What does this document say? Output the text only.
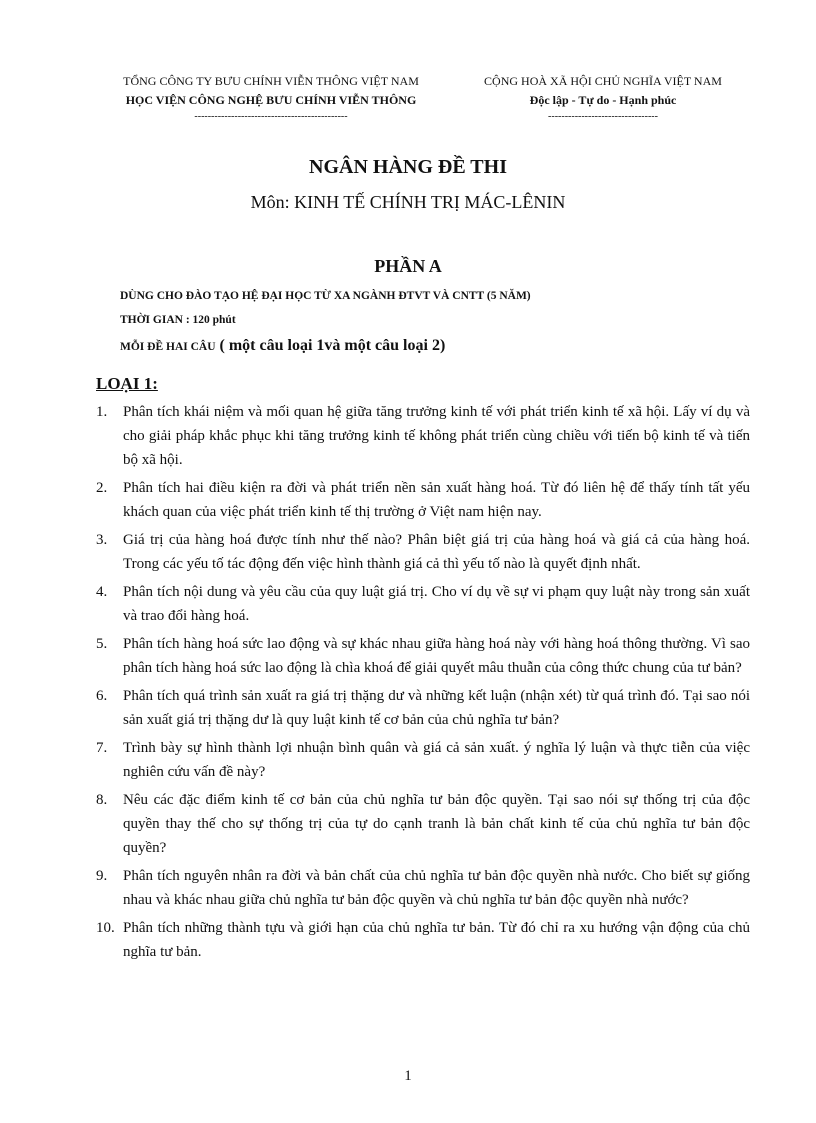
TỔNG CÔNG TY BƯU CHÍNH VIỄN THÔNG VIỆT NAM
HỌC VIỆN CÔNG NGHỆ BƯU CHÍNH VIỄN THÔNG
----------------------------------------------
CỘNG HOÀ XÃ HỘI CHỦ NGHĨA VIỆT NAM
Độc lập - Tự do - Hạnh phúc
---------------------------------
NGÂN HÀNG ĐỀ THI
Môn: KINH TẾ CHÍNH TRỊ MÁC-LÊNIN
PHẦN A
DÙNG CHO ĐÀO TẠO HỆ ĐẠI HỌC TỪ XA NGÀNH ĐTVT VÀ CNTT (5 NĂM)
THỜI GIAN : 120 phút
MỖI ĐỀ HAI CÂU ( một câu loại 1và một câu loại 2)
LOẠI 1:
1.	Phân tích khái niệm và mối quan hệ giữa tăng trưởng kinh tế với phát triển kinh tế xã hội. Lấy ví dụ và cho giải pháp khắc phục khi tăng trưởng kinh tế không phát triển cùng chiều với tiến bộ kinh tế và tiến bộ xã hội.
2.	Phân tích hai điều kiện ra đời và phát triển nền sản xuất hàng hoá. Từ đó liên hệ để thấy tính tất yếu khách quan của việc phát triển kinh tế thị trường ở Việt nam hiện nay.
3.	Giá trị của hàng hoá được tính như thế nào? Phân biệt giá trị của hàng hoá và giá cả của hàng hoá. Trong các yếu tố tác động đến việc hình thành giá cả thì yếu tố nào là quyết định nhất.
4.	Phân tích nội dung và yêu cầu của quy luật giá trị. Cho ví dụ về sự vi phạm quy luật này trong sản xuất và trao đổi hàng hoá.
5.	Phân tích hàng hoá sức lao động và sự khác nhau giữa hàng hoá này với hàng hoá thông thường. Vì sao phân tích hàng hoá sức lao động là chìa khoá để giải quyết mâu thuẫn của công thức chung của tư bản?
6.	Phân tích quá trình sản xuất ra giá trị thặng dư và những kết luận (nhận xét) từ quá trình đó. Tại sao nói sản xuất giá trị thặng dư là quy luật kinh tế cơ bản của chủ nghĩa tư bản?
7.	Trình bày sự hình thành lợi nhuận bình quân và giá cả sản xuất. ý nghĩa lý luận và thực tiễn của việc nghiên cứu vấn đề này?
8.	Nêu các đặc điểm kinh tế cơ bản của chủ nghĩa tư bản độc quyền. Tại sao nói sự thống trị của độc quyền thay thế cho sự thống trị của tự do cạnh tranh là bản chất kinh tế của chủ nghĩa tư bản độc quyền?
9.	Phân tích nguyên nhân ra đời và bản chất của chủ nghĩa tư bản độc quyền nhà nước. Cho biết sự giống nhau và khác nhau giữa chủ nghĩa tư bản độc quyền và chủ nghĩa tư bản độc quyền nhà nước?
10. Phân tích những thành tựu và giới hạn của chủ nghĩa tư bản. Từ đó chỉ ra xu hướng vận động của chủ nghĩa tư bản.
1
